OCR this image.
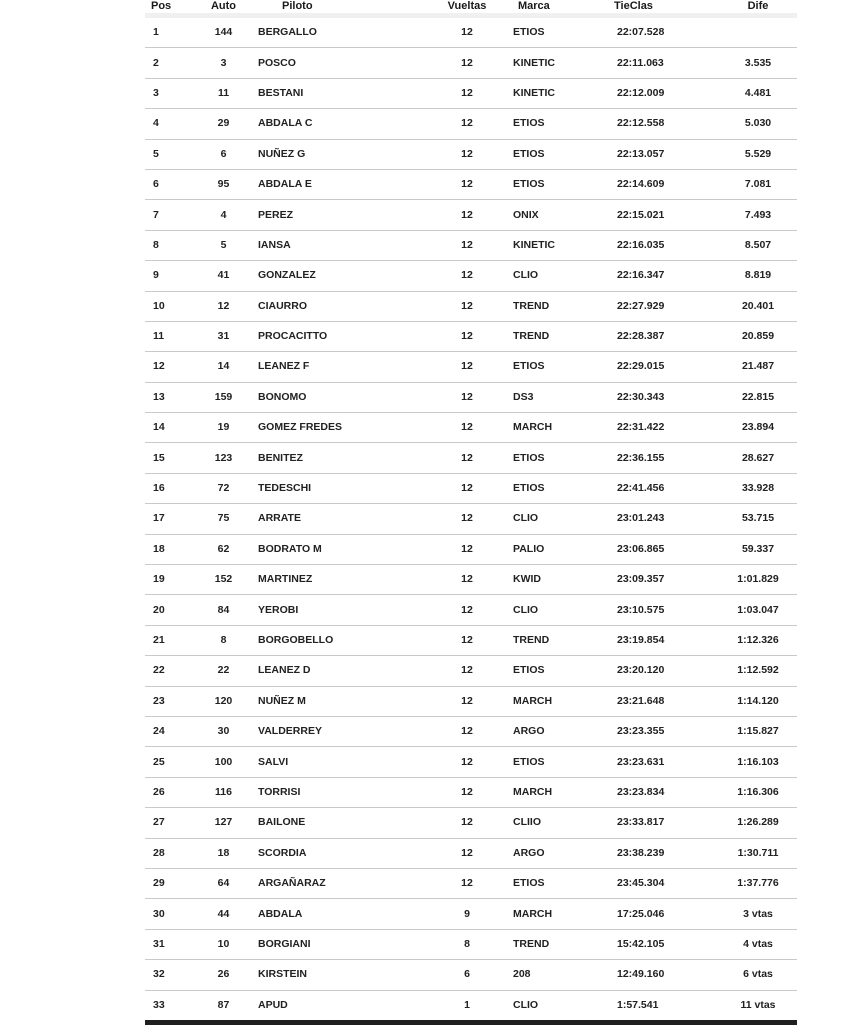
Pos	Auto	Piloto	Vueltas	Marca	TieClas	Dife
1	144	BERGALLO	12	ETIOS	22:07.528	
2	3	POSCO	12	KINETIC	22:11.063	3.535
3	11	BESTANI	12	KINETIC	22:12.009	4.481
4	29	ABDALA C	12	ETIOS	22:12.558	5.030
5	6	NUÑEZ G	12	ETIOS	22:13.057	5.529
6	95	ABDALA E	12	ETIOS	22:14.609	7.081
7	4	PEREZ	12	ONIX	22:15.021	7.493
8	5	IANSA	12	KINETIC	22:16.035	8.507
9	41	GONZALEZ	12	CLIO	22:16.347	8.819
10	12	CIAURRO	12	TREND	22:27.929	20.401
11	31	PROCACITTO	12	TREND	22:28.387	20.859
12	14	LEANEZ F	12	ETIOS	22:29.015	21.487
13	159	BONOMO	12	DS3	22:30.343	22.815
14	19	GOMEZ FREDES	12	MARCH	22:31.422	23.894
15	123	BENITEZ	12	ETIOS	22:36.155	28.627
16	72	TEDESCHI	12	ETIOS	22:41.456	33.928
17	75	ARRATE	12	CLIO	23:01.243	53.715
18	62	BODRATO M	12	PALIO	23:06.865	59.337
19	152	MARTINEZ	12	KWID	23:09.357	1:01.829
20	84	YEROBI	12	CLIO	23:10.575	1:03.047
21	8	BORGOBELLO	12	TREND	23:19.854	1:12.326
22	22	LEANEZ D	12	ETIOS	23:20.120	1:12.592
23	120	NUÑEZ M	12	MARCH	23:21.648	1:14.120
24	30	VALDERREY	12	ARGO	23:23.355	1:15.827
25	100	SALVI	12	ETIOS	23:23.631	1:16.103
26	116	TORRISI	12	MARCH	23:23.834	1:16.306
27	127	BAILONE	12	CLIIO	23:33.817	1:26.289
28	18	SCORDIA	12	ARGO	23:38.239	1:30.711
29	64	ARGAÑARAZ	12	ETIOS	23:45.304	1:37.776
30	44	ABDALA	9	MARCH	17:25.046	3 vtas
31	10	BORGIANI	8	TREND	15:42.105	4 vtas
32	26	KIRSTEIN	6	208	12:49.160	6 vtas
33	87	APUD	1	CLIO	1:57.541	11 vtas
